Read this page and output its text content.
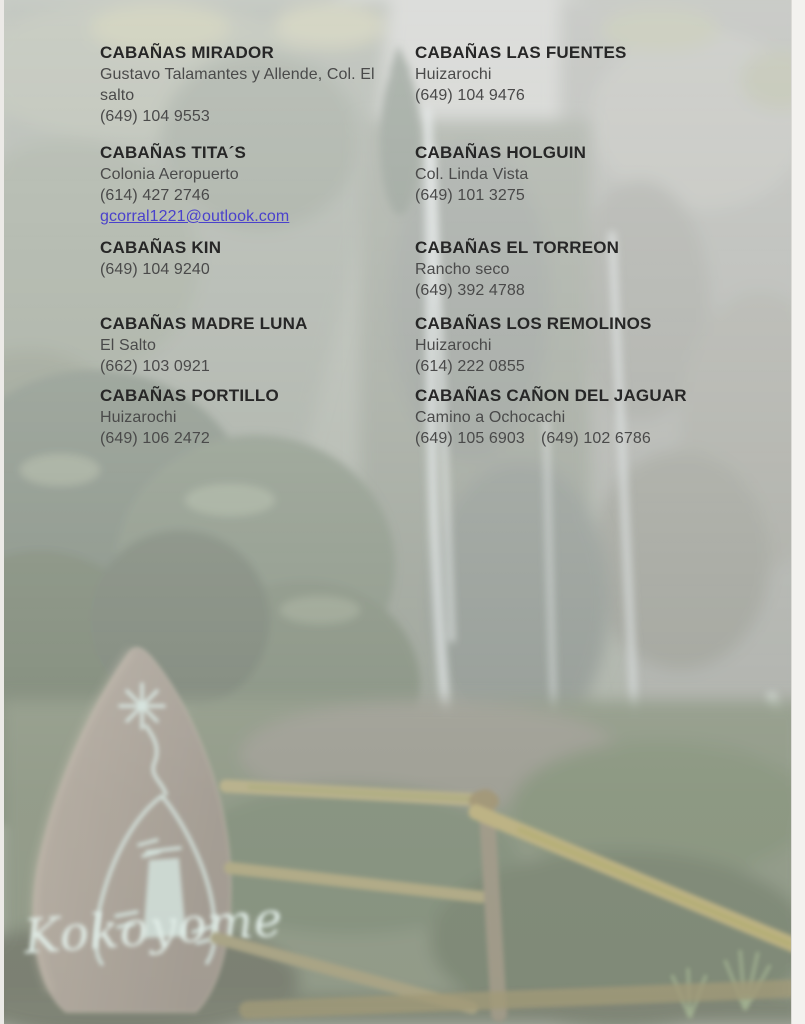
CABAÑAS MIRADOR
Gustavo Talamantes y Allende, Col. El salto
(649) 104 9553
CABAÑAS TITA´S
Colonia Aeropuerto
(614) 427 2746
gcorral1221@outlook.com
CABAÑAS KIN
(649) 104 9240
CABAÑAS MADRE LUNA
El Salto
(662) 103 0921
CABAÑAS PORTILLO
Huizarochi
(649) 106 2472
CABAÑAS LAS FUENTES
Huizarochi
(649) 104 9476
CABAÑAS HOLGUIN
Col. Linda Vista
(649) 101 3275
CABAÑAS EL TORREON
Rancho seco
(649) 392 4788
CABAÑAS LOS REMOLINOS
Huizarochi
(614) 222 0855
CABAÑAS CAÑON DEL JAGUAR
Camino a Ochocachi
(649) 105 6903 (649) 102 6786
